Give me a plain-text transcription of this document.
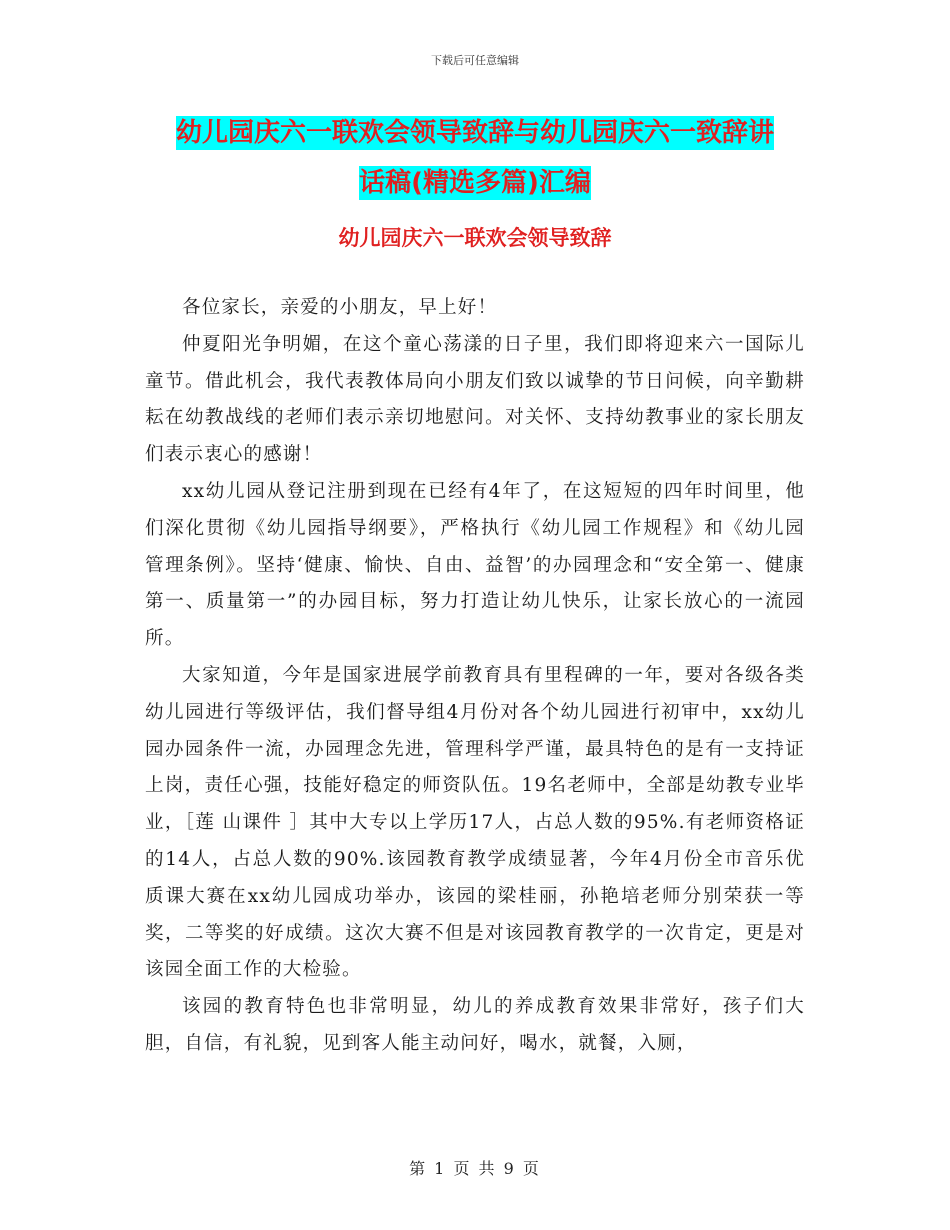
下载后可任意编辑
幼儿园庆六一联欢会领导致辞与幼儿园庆六一致辞讲
话稿(精选多篇)汇编
幼儿园庆六一联欢会领导致辞

各位家长，亲爱的小朋友，早上好！

仲夏阳光争明媚，在这个童心荡漾的日子里，我们即将迎来六一国际儿童节。借此机会，我代表教体局向小朋友们致以诚挚的节日问候，向辛勤耕耘在幼教战线的老师们表示亲切地慰问。对关怀、支持幼教事业的家长朋友们表示衷心的感谢！

xx幼儿园从登记注册到现在已经有4年了，在这短短的四年时间里，他们深化贯彻《幼儿园指导纲要》，严格执行《幼儿园工作规程》和《幼儿园管理条例》。坚持‘健康、愉快、自由、益智’的办园理念和“安全第一、健康第一、质量第一”的办园目标，努力打造让幼儿快乐，让家长放心的一流园所。

大家知道，今年是国家进展学前教育具有里程碑的一年，要对各级各类幼儿园进行等级评估，我们督导组4月份对各个幼儿园进行初审中，xx幼儿园办园条件一流，办园理念先进，管理科学严谨，最具特色的是有一支持证上岗，责任心强，技能好稳定的师资队伍。19名老师中，全部是幼教专业毕业，［莲 山课件 ］其中大专以上学历17人，占总人数的95%.有老师资格证的14人，占总人数的90%.该园教育教学成绩显著，今年4月份全市音乐优质课大赛在xx幼儿园成功举办，该园的梁桂丽，孙艳培老师分别荣获一等奖，二等奖的好成绩。这次大赛不但是对该园教育教学的一次肯定，更是对该园全面工作的大检验。

该园的教育特色也非常明显，幼儿的养成教育效果非常好，孩子们大胆，自信，有礼貌，见到客人能主动问好，喝水，就餐，入厕，

第 1 页 共 9 页
